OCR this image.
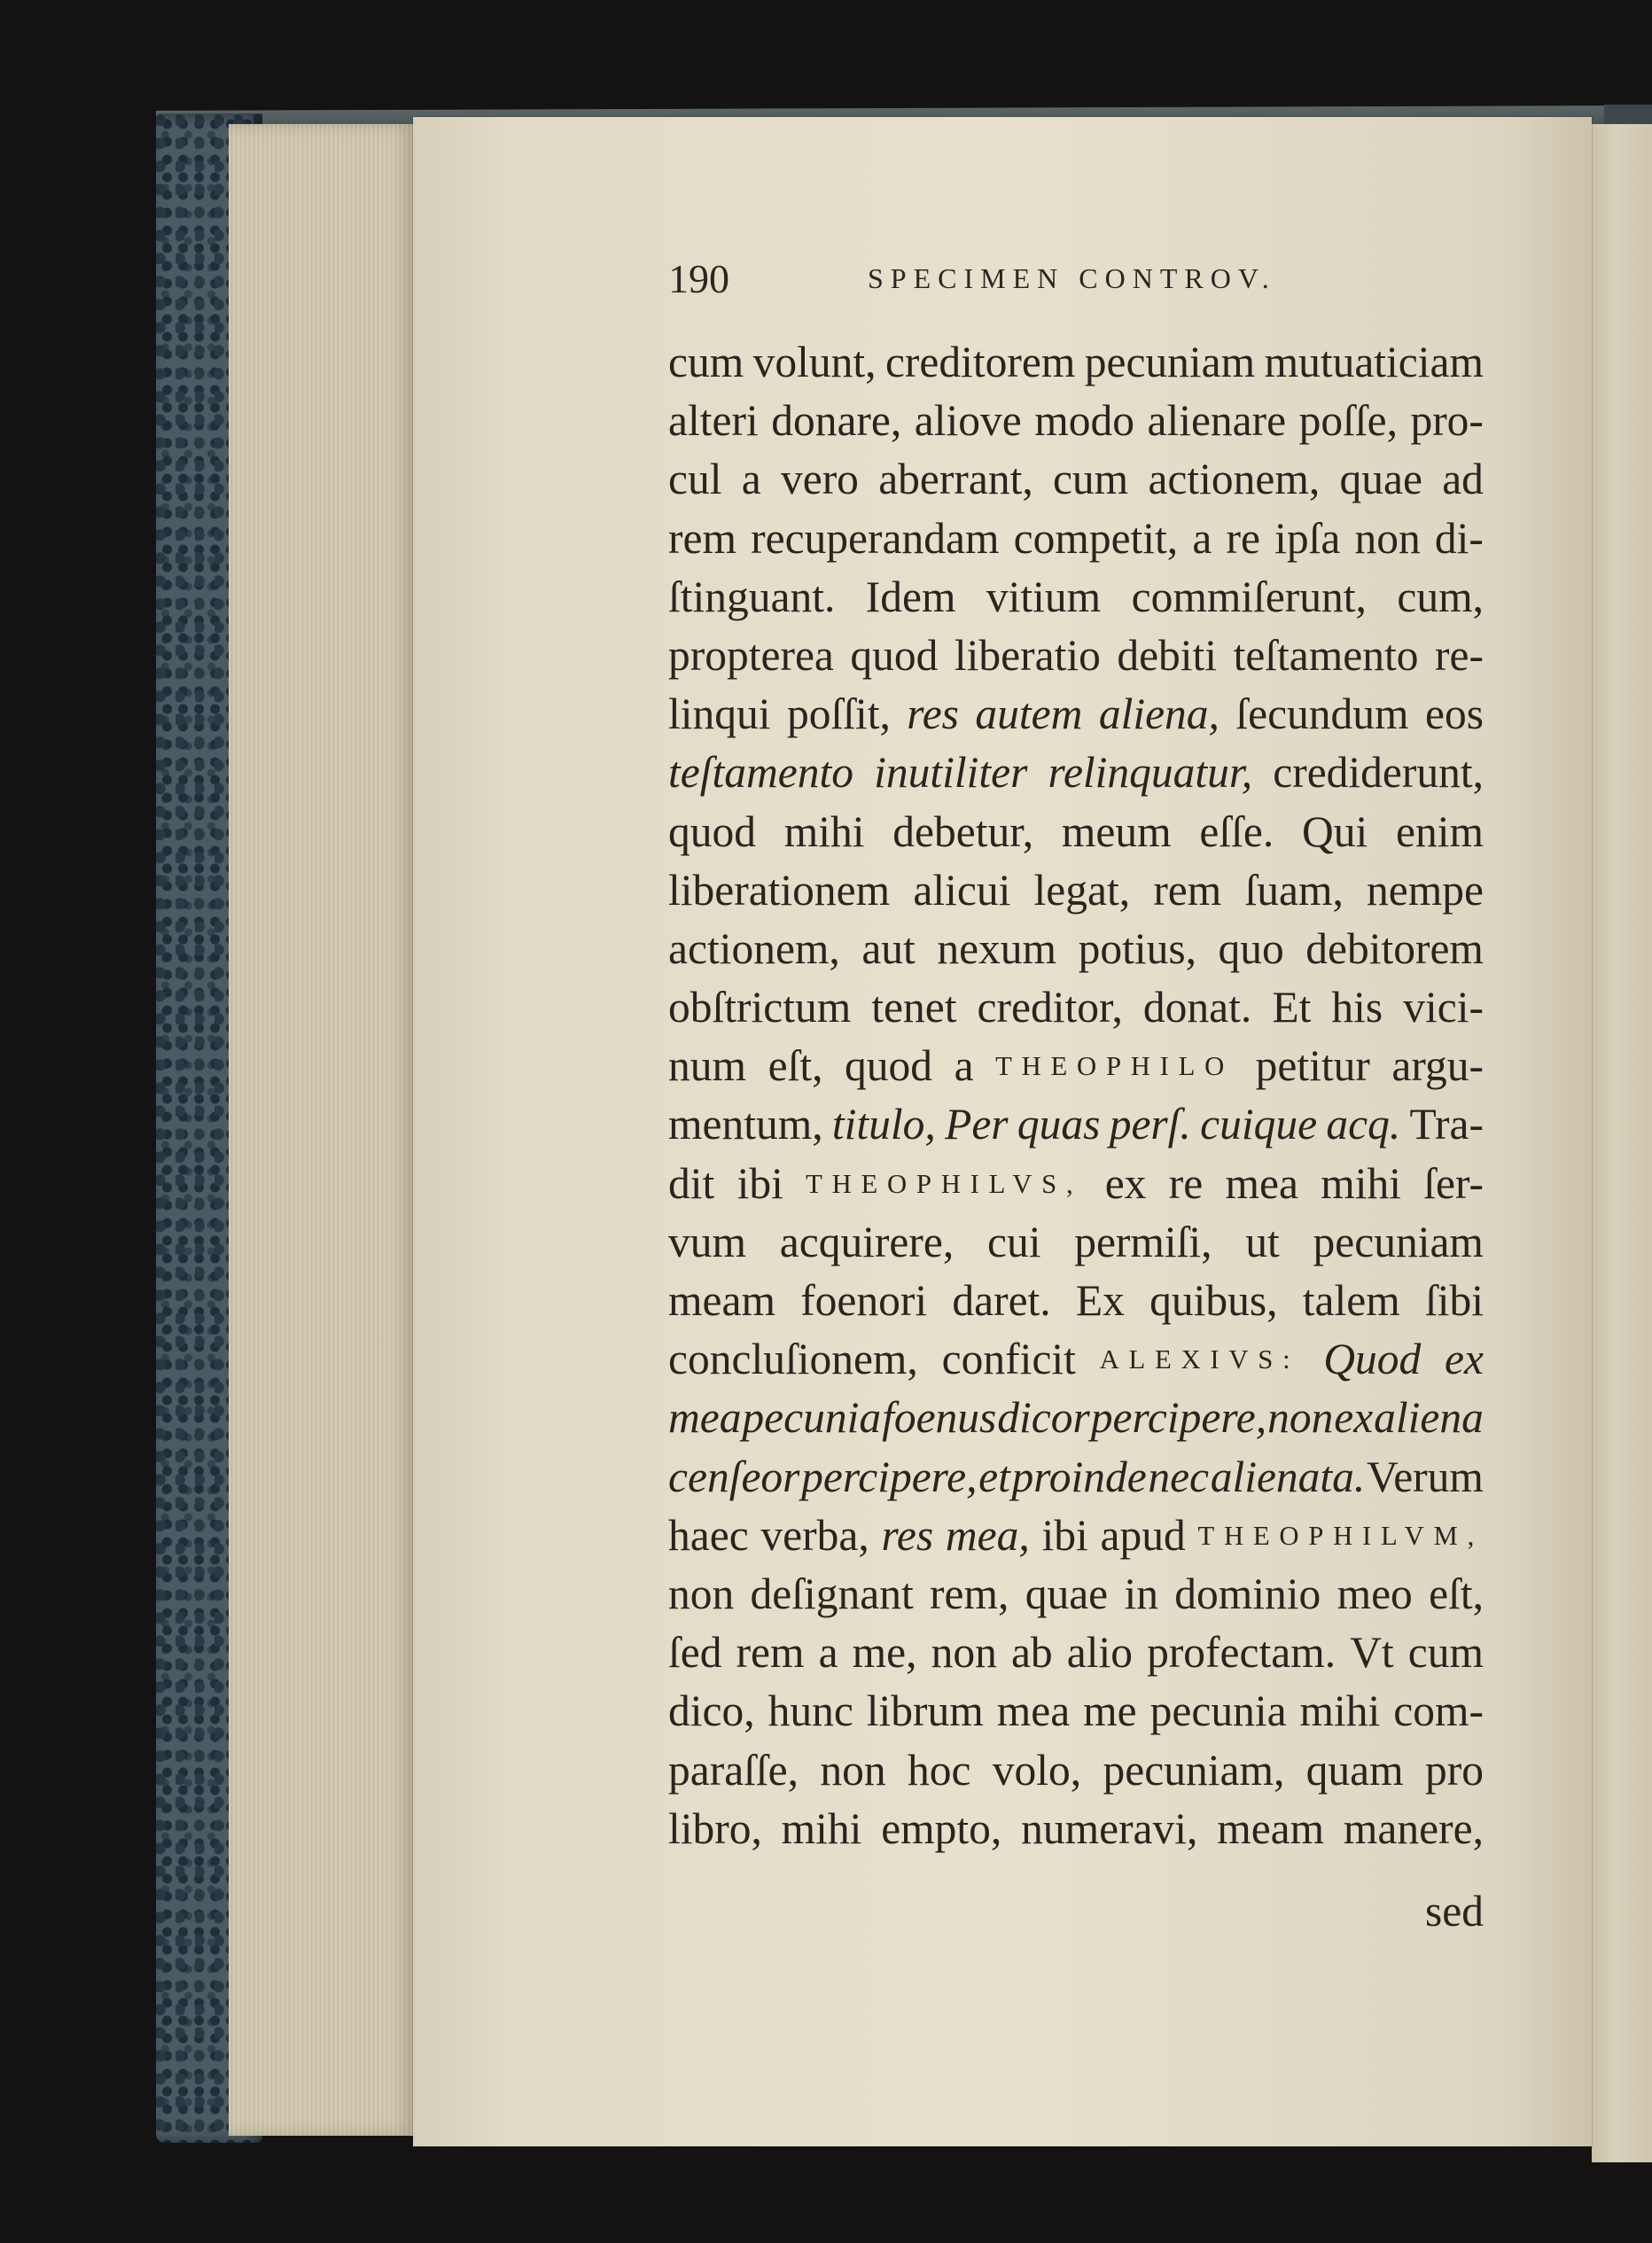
190	SPECIMEN CONTROV.
cum volunt, creditorem pecuniam mutuaticiam
alteri donare, aliove modo alienare poſſe, pro-
cul a vero aberrant, cum actionem, quae ad
rem recuperandam competit, a re ipſa non di-
ſtinguant. Idem vitium commiſerunt, cum,
propterea quod liberatio debiti teſtamento re-
linqui poſſit, res autem aliena, ſecundum eos
teſtamento inutiliter relinquatur, crediderunt,
quod mihi debetur, meum eſſe. Qui enim
liberationem alicui legat, rem ſuam, nempe
actionem, aut nexum potius, quo debitorem
obſtrictum tenet creditor, donat. Et his vici-
num eſt, quod a THEOPHILO petitur argu-
mentum, titulo, Per quas perſ. cuique acq. Tra-
dit ibi THEOPHILVS, ex re mea mihi ſer-
vum acquirere, cui permiſi, ut pecuniam
meam foenori daret. Ex quibus, talem ſibi
concluſionem, conficit ALEXIVS: Quod ex
mea pecunia foenus dicor percipere, non ex aliena
cenſeor percipere, et proinde nec alienata. Verum
haec verba, res mea, ibi apud THEOPHILVM,
non deſignant rem, quae in dominio meo eſt,
ſed rem a me, non ab alio profectam. Vt cum
dico, hunc librum mea me pecunia mihi com-
paraſſe, non hoc volo, pecuniam, quam pro
libro, mihi empto, numeravi, meam manere,
sed
